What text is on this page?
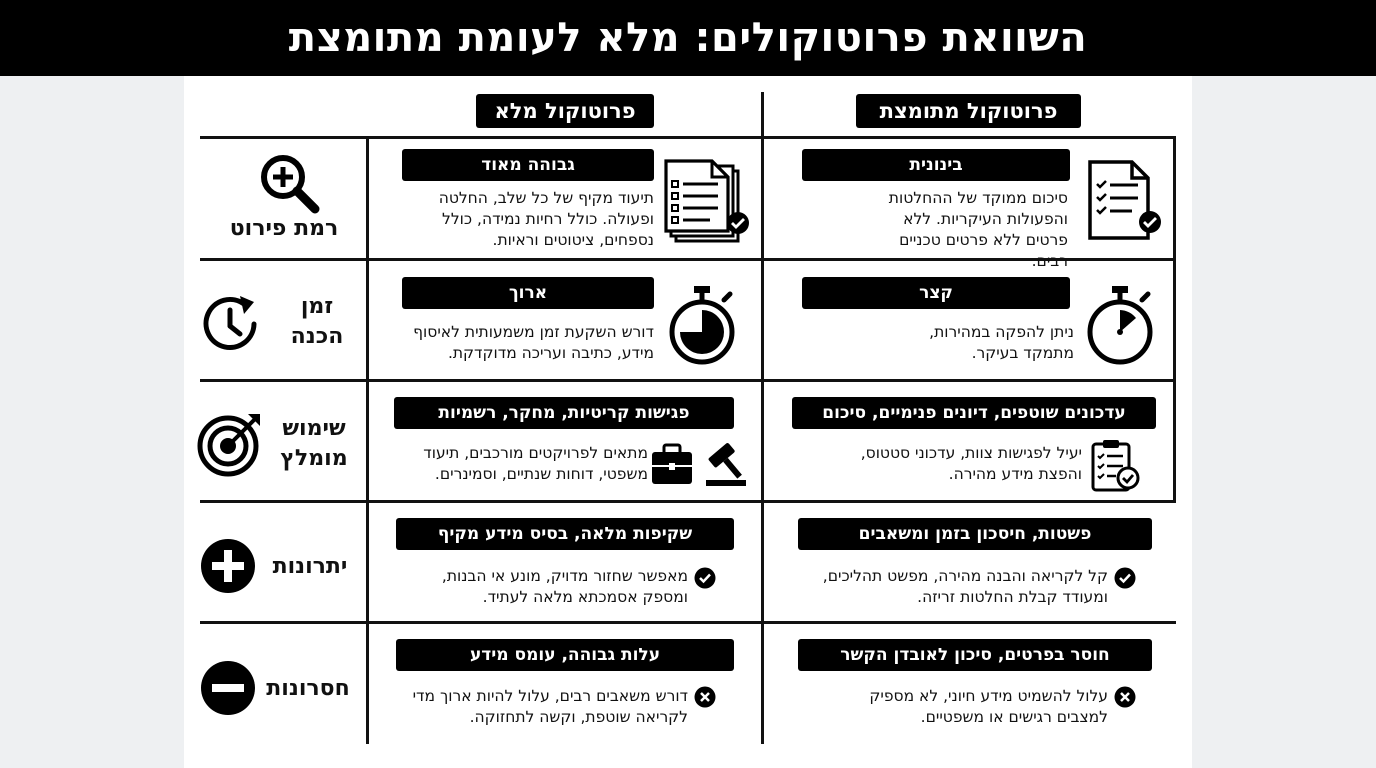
השוואת פרוטוקולים: מלא לעומת מתומצת
פרוטוקול מתומצת
פרוטוקול מלא
רמת פירוט
בינונית
סיכום ממוקד של ההחלטות והפעולות העיקריות. ללא פרטים ללא פרטים טכניים רבים.
גבוהה מאוד
תיעוד מקיף של כל שלב, החלטה ופעולה. כולל רחיות נמידה, כולל נספחים, ציטוטים וראיות.
זמן הכנה
קצר
ניתן להפקה במהירות, מתמקד בעיקר.
ארוך
דורש השקעת זמן משמעותית לאיסוף מידע, כתיבה ועריכה מדוקדקת.
שימוש מומלץ
עדכונים שוטפים, דיונים פנימיים, סיכום
יעיל לפגישות צוות, עדכוני סטטוס, והפצת מידע מהירה.
פגישות קריטיות, מחקר, רשמיות
מתאים לפרויקטים מורכבים, תיעוד משפטי, דוחות שנתיים, וסמינרים.
יתרונות
פשטות, חיסכון בזמן ומשאבים
קל לקריאה והבנה מהירה, מפשט תהליכים, ומעודד קבלת החלטות זריזה.
שקיפות מלאה, בסיס מידע מקיף
מאפשר שחזור מדויק, מונע אי הבנות, ומספק אסמכתא מלאה לעתיד.
חסרונות
חוסר בפרטים, סיכון לאובדן הקשר
עלול להשמיט מידע חיוני, לא מספיק למצבים רגישים או משפטיים.
עלות גבוהה, עומס מידע
דורש משאבים רבים, עלול להיות ארוך מדי לקריאה שוטפת, וקשה לתחזוקה.
